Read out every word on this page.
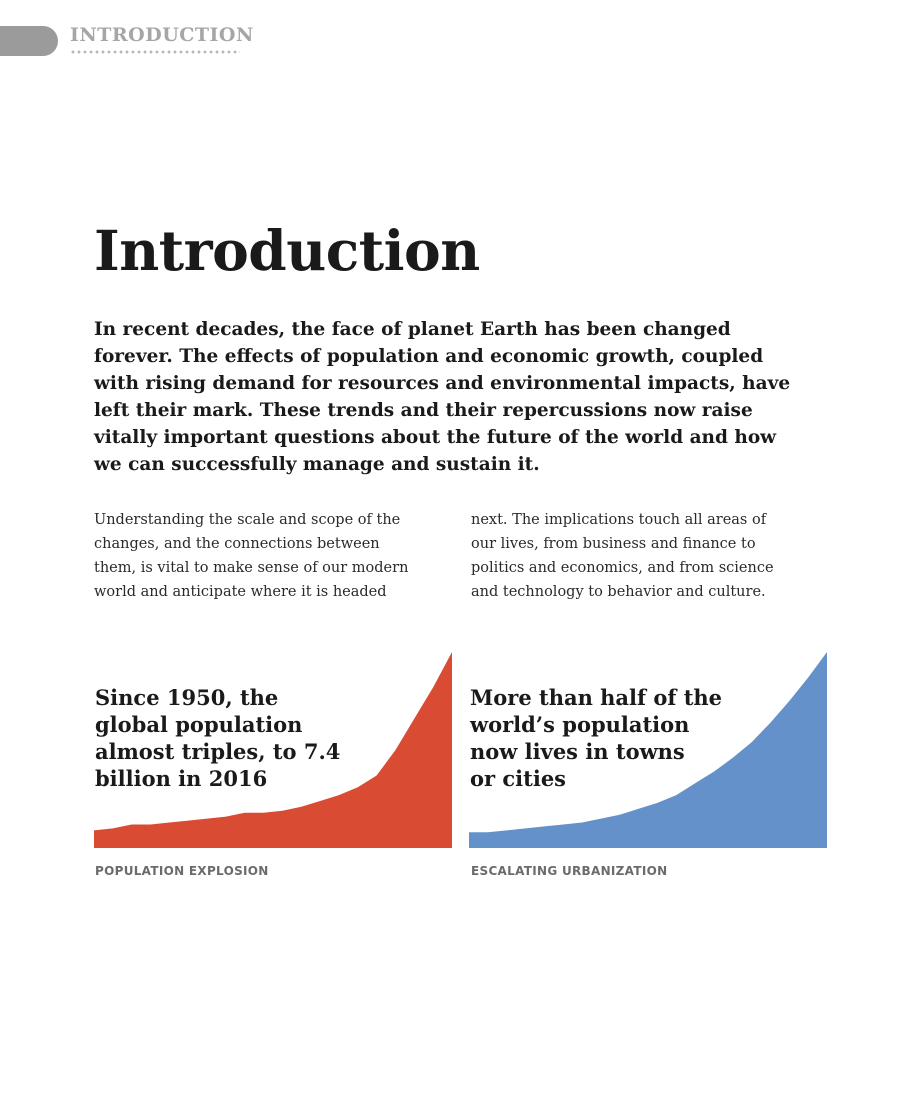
INTRODUCTION
Introduction

In recent decades, the face of planet Earth has been changed
forever. The effects of population and economic growth, coupled
with rising demand for resources and environmental impacts, have
left their mark. These trends and their repercussions now raise
vitally important questions about the future of the world and how
we can successfully manage and sustain it.

Understanding the scale and scope of the
changes, and the connections between
them, is vital to make sense of our modern
world and anticipate where it is headed

next. The implications touch all areas of
our lives, from business and finance to
politics and economics, and from science
and technology to behavior and culture.

Since 1950, the
global population
almost triples, to 7.4
billion in 2016

POPULATION EXPLOSION

More than half of the
world’s population
now lives in towns
or cities

ESCALATING URBANIZATION
